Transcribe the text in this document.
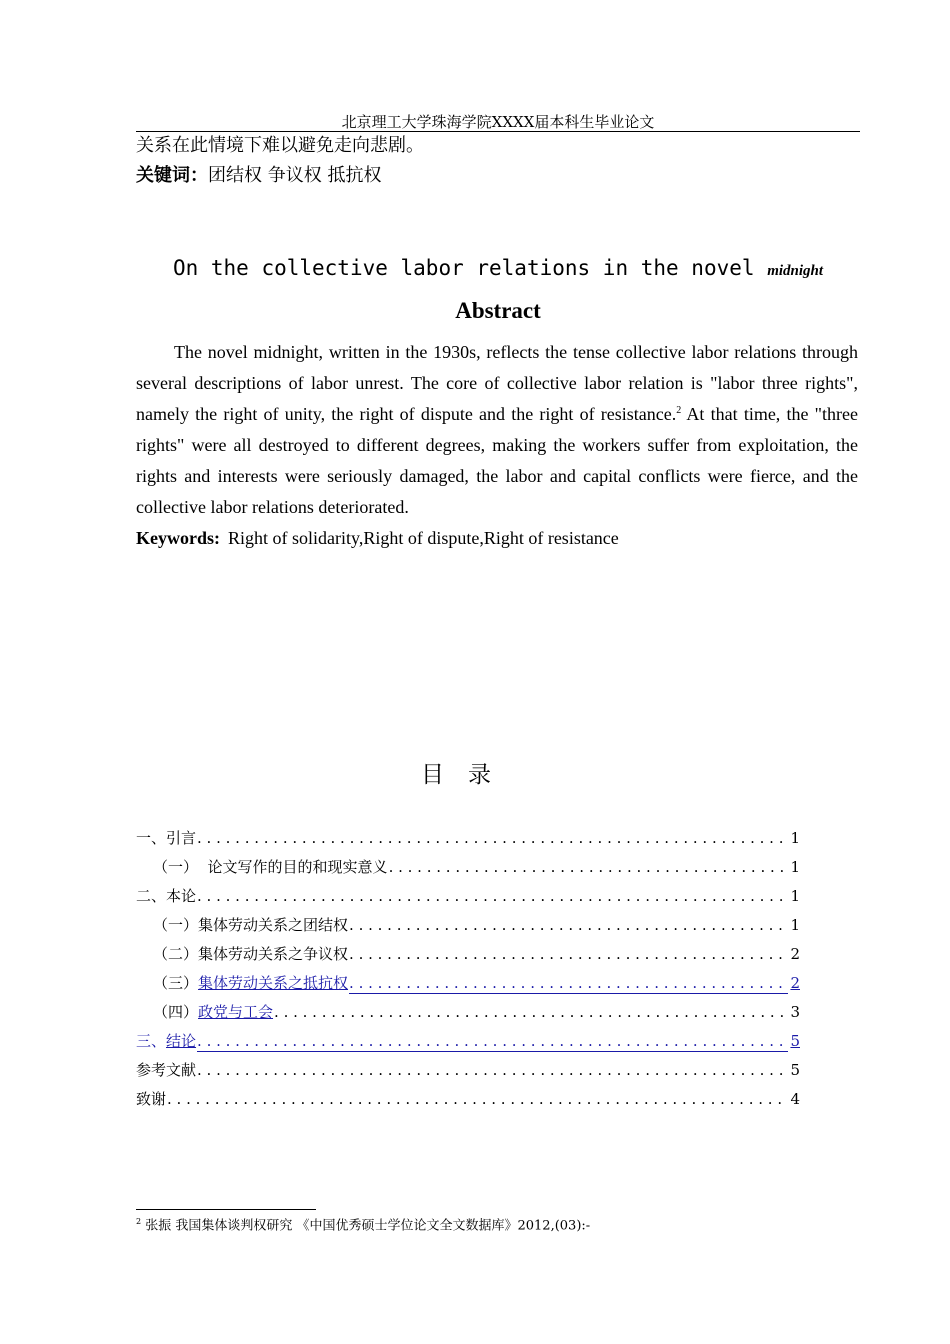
北京理工大学珠海学院XXXX届本科生毕业论文
关系在此情境下难以避免走向悲剧。
关键词：团结权 争议权 抵抗权
On the collective labor relations in the novel midnight
Abstract

The novel midnight, written in the 1930s, reflects the tense collective labor relations through several descriptions of labor unrest. The core of collective labor relation is "labor three rights", namely the right of unity, the right of dispute and the right of resistance.$^2$ At that time, the "three rights" were all destroyed to different degrees, making the workers suffer from exploitation, the rights and interests were seriously damaged, the labor and capital conflicts were fierce, and the collective labor relations deteriorated.

Keywords: Right of solidarity,Right of dispute,Right of resistance
目录
一、引言 . . .	1
（一）  论文写作的目的和现实意义 . . .	1
二、本论 . . .	1
（一）集体劳动关系之团结权 . . .	1
（二）集体劳动关系之争议权 . . .	2
（三）集体劳动关系之抵抗权 . . .	2
（四）政党与工会 . . .	3
三、结论 . . .	5
参考文献 . . .	5
致谢 . . .	4
$^2$ 张振 我国集体谈判权研究 《中国优秀硕士学位论文全文数据库》2012,(03):-
